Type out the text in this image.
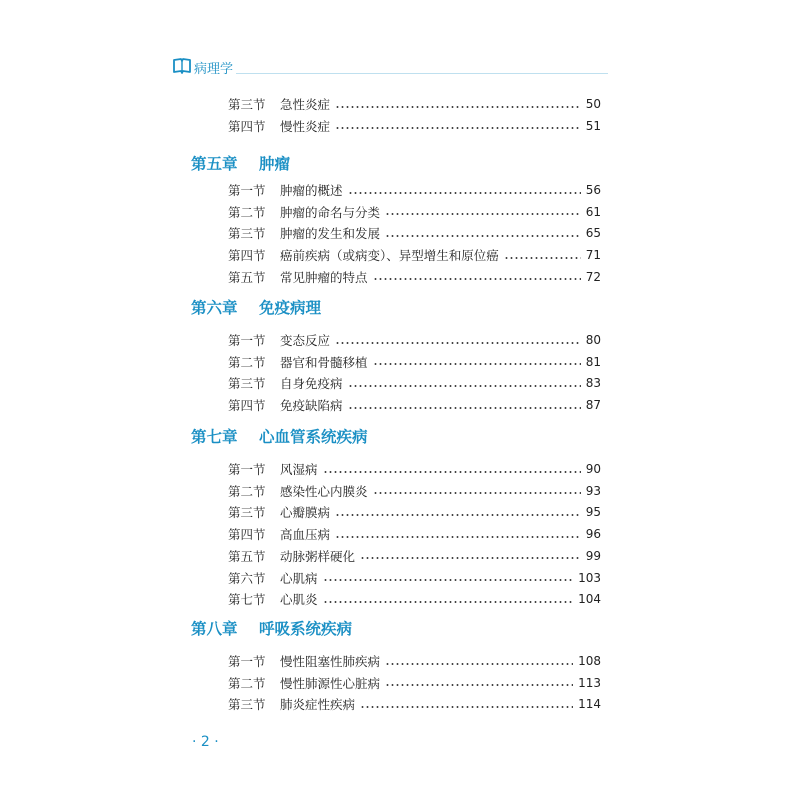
病理学
第三节	急性炎症	50
第四节	慢性炎症	51
第五章 肿瘤
第一节	肿瘤的概述	56
第二节	肿瘤的命名与分类	61
第三节	肿瘤的发生和发展	65
第四节	癌前疾病（或病变）、异型增生和原位癌	71
第五节	常见肿瘤的特点	72
第六章 免疫病理
第一节	变态反应	80
第二节	器官和骨髓移植	81
第三节	自身免疫病	83
第四节	免疫缺陷病	87
第七章 心血管系统疾病
第一节	风湿病	90
第二节	感染性心内膜炎	93
第三节	心瓣膜病	95
第四节	高血压病	96
第五节	动脉粥样硬化	99
第六节	心肌病	103
第七节	心肌炎	104
第八章 呼吸系统疾病
第一节	慢性阻塞性肺疾病	108
第二节	慢性肺源性心脏病	113
第三节	肺炎症性疾病	114
· 2 ·
